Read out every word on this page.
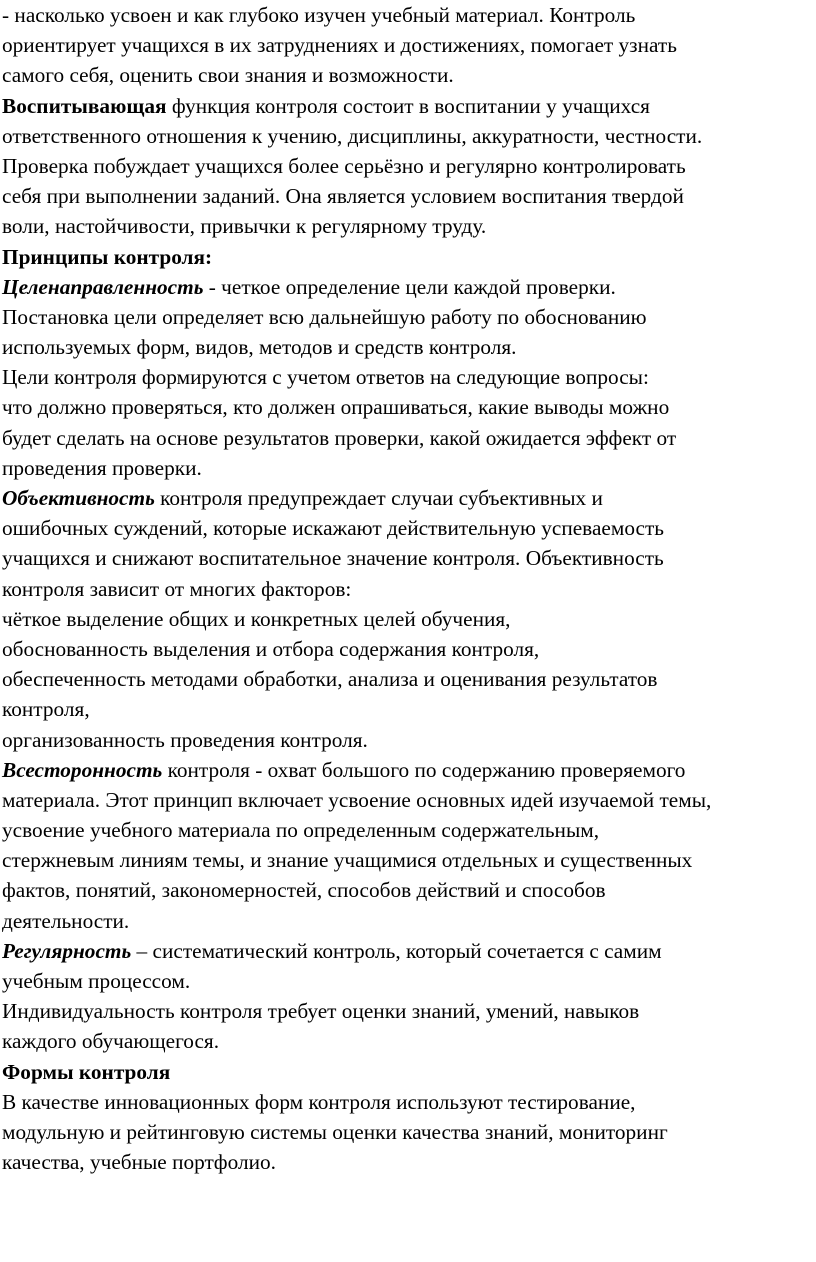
- насколько усвоен и как глубоко изучен учебный материал. Контроль
ориентирует учащихся в их затруднениях и достижениях, помогает узнать
самого себя, оценить свои знания и возможности.
Воспитывающая функция контроля состоит в воспитании у учащихся
ответственного отношения к учению, дисциплины, аккуратности, честности.
Проверка побуждает учащихся более серьёзно и регулярно контролировать
себя при выполнении заданий. Она является условием воспитания твердой
воли, настойчивости, привычки к регулярному труду.
Принципы контроля:
Целенаправленность - четкое определение цели каждой проверки.
Постановка цели определяет всю дальнейшую работу по обоснованию
используемых форм, видов, методов и средств контроля.
Цели контроля формируются с учетом ответов на следующие вопросы:
что должно проверяться, кто должен опрашиваться, какие выводы можно
будет сделать на основе результатов проверки, какой ожидается эффект от
проведения проверки.
Объективность контроля предупреждает случаи субъективных и
ошибочных суждений, которые искажают действительную успеваемость
учащихся и снижают воспитательное значение контроля. Объективность
контроля зависит от многих факторов:
чёткое выделение общих и конкретных целей обучения,
обоснованность выделения и отбора содержания контроля,
обеспеченность методами обработки, анализа и оценивания результатов
контроля,
организованность проведения контроля.
Всесторонность контроля - охват большого по содержанию проверяемого
материала. Этот принцип включает усвоение основных идей изучаемой темы,
усвоение учебного материала по определенным содержательным,
стержневым линиям темы, и знание учащимися отдельных и существенных
фактов, понятий, закономерностей, способов действий и способов
деятельности.
Регулярность – систематический контроль, который сочетается с самим
учебным процессом.
Индивидуальность контроля требует оценки знаний, умений, навыков
каждого обучающегося.
Формы контроля
В качестве инновационных форм контроля используют тестирование,
модульную и рейтинговую системы оценки качества знаний, мониторинг
качества, учебные портфолио.
